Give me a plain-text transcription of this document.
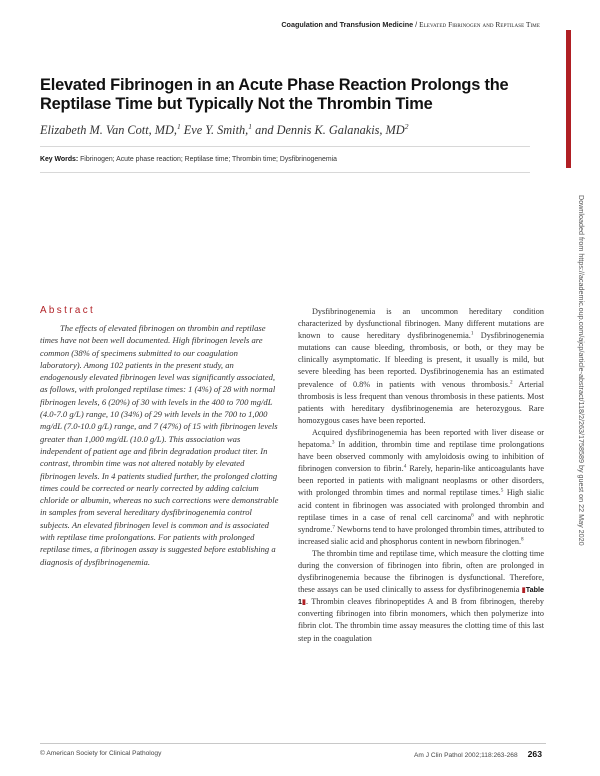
Coagulation and Transfusion Medicine / Elevated Fibrinogen and Reptilase Time
Downloaded from https://academic.oup.com/ajcp/article-abstract/118/2/263/1758589 by guest on 22 May 2020
Elevated Fibrinogen in an Acute Phase Reaction Prolongs the Reptilase Time but Typically Not the Thrombin Time
Elizabeth M. Van Cott, MD,$^1$ Eve Y. Smith,$^1$ and Dennis K. Galanakis, $MD^2$
Key Words: Fibrinogen; Acute phase reaction; Reptilase time; Thrombin time; Dysfibrinogenemia
Abstract

The effects of elevated fibrinogen on thrombin and reptilase times have not been well documented. High fibrinogen levels are common (38% of specimens submitted to our coagulation laboratory). Among 102 patients in the present study, an endogenously elevated fibrinogen level was significantly associated, as follows, with prolonged reptilase times: 1 (4%) of 28 with normal fibrinogen levels, 6 (20%) of 30 with levels in the 400 to 700 mg/dL (4.0-7.0 g/L) range, 10 (34%) of 29 with levels in the 700 to 1,000 mg/dL (7.0-10.0 g/L) range, and 7 (47%) of 15 with fibrinogen levels greater than 1,000 mg/dL (10.0 g/L). This association was independent of patient age and fibrin degradation product titer. In contrast, thrombin time was not altered notably by elevated fibrinogen levels. In 4 patients studied further, the prolonged clotting times could be corrected or nearly corrected by adding calcium chloride or albumin, whereas no such corrections were demonstrable in samples from several hereditary dysfibrinogenemia control subjects. An elevated fibrinogen level is common and is associated with reptilase time prolongations. For patients with prolonged reptilase times, a fibrinogen assay is suggested before establishing a diagnosis of dysfibrinogenemia.

Dysfibrinogenemia is an uncommon hereditary condition characterized by dysfunctional fibrinogen. Many different mutations are known to cause hereditary dysfibrinogenemia.$^1$ Dysfibrinogenemia mutations can cause bleeding, thrombosis, or both, or they may be clinically asymptomatic. If bleeding is present, it usually is mild, but severe bleeding has been reported. Dysfibrinogenemia has an estimated prevalence of 0.8% in patients with venous thrombosis.$^2$ Arterial thrombosis is less frequent than venous thrombosis in these patients. Most patients with hereditary dysfibrinogenemia are heterozygous. Rare homozygous cases have been reported.

Acquired dysfibrinogenemia has been reported with liver disease or hepatoma.$^3$ In addition, thrombin time and reptilase time prolongations have been observed commonly with amyloidosis owing to inhibition of fibrinogen conversion to fibrin.$^4$ Rarely, heparin-like anticoagulants have been reported in patients with malignant neoplasms or other disorders, with prolonged thrombin times and normal reptilase times.$^5$ High sialic acid content in fibrinogen was associated with prolonged thrombin and reptilase times in a case of renal cell carcinoma$^6$ and with nephrotic syndrome.$^7$ Newborns tend to have prolonged thrombin times, attributed to increased sialic acid and phosphorus content in newborn fibrinogen.$^8$

The thrombin time and reptilase time, which measure the clotting time during the conversion of fibrinogen into fibrin, often are prolonged in dysfibrinogenemia because the fibrinogen is dysfunctional. Therefore, these assays can be used clinically to assess for dysfibrinogenemia ▮Table 1▮. Thrombin cleaves fibrinopeptides A and B from fibrinogen, thereby converting fibrinogen into fibrin monomers, which then polymerize into fibrin clot. The thrombin time assay measures the clotting time of this last step in the coagulation

© American Society for Clinical Pathology	Am J Clin Pathol 2002;118:263-268 263
